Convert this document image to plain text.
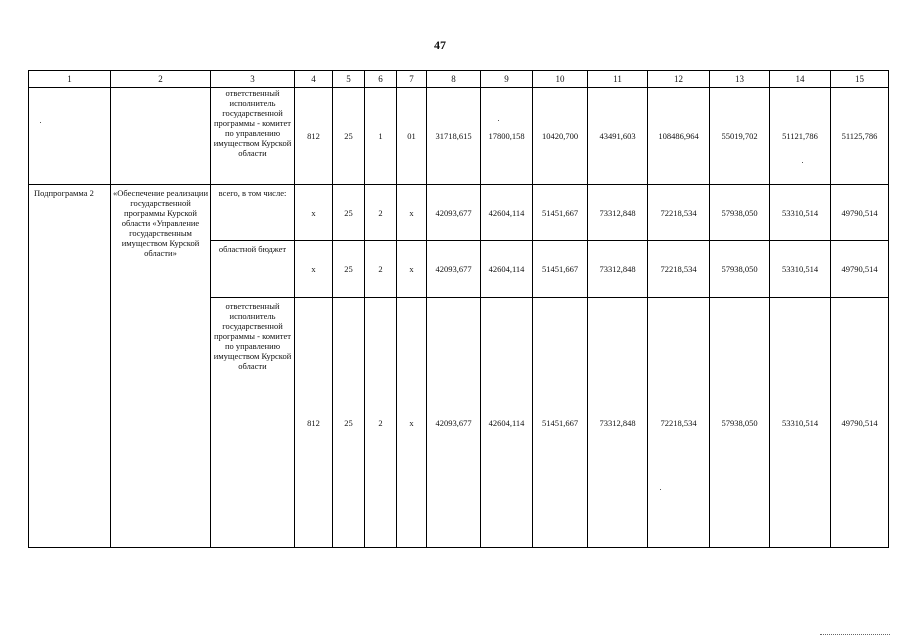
47
1	2	3	4	5	6	7	8	9	10	11	12	13	14	15
		ответственный исполнитель государственной программы - комитет по управлению имуществом Курской области	812	25	1	01	31718,615	17800,158	10420,700	43491,603	108486,964	55019,702	51121,786	51125,786
Подпрограмма 2	«Обеспечение реализации государственной программы Курской области «Управление государственным имуществом Курской области»	всего, в том числе:	х	25	2	х	42093,677	42604,114	51451,667	73312,848	72218,534	57938,050	53310,514	49790,514
		областной бюджет	х	25	2	х	42093,677	42604,114	51451,667	73312,848	72218,534	57938,050	53310,514	49790,514
		ответственный исполнитель государственной программы - комитет по управлению имуществом Курской области	812	25	2	х	42093,677	42604,114	51451,667	73312,848	72218,534	57938,050	53310,514	49790,514
